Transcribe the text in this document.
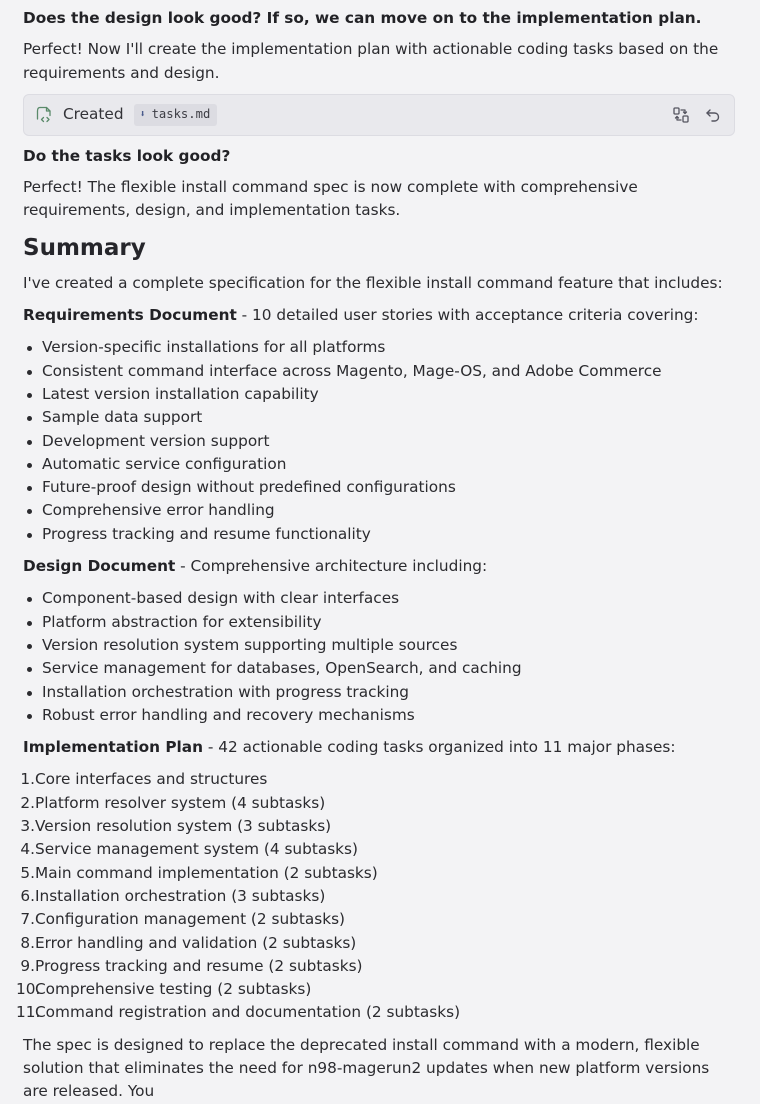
Does the design look good? If so, we can move on to the implementation plan.

Perfect! Now I'll create the implementation plan with actionable coding tasks based on the requirements and design.

Created ⬇ tasks.md

Do the tasks look good?

Perfect! The flexible install command spec is now complete with comprehensive requirements, design, and implementation tasks.

Summary

I've created a complete specification for the flexible install command feature that includes:

Requirements Document - 10 detailed user stories with acceptance criteria covering:

Version-specific installations for all platforms
Consistent command interface across Magento, Mage-OS, and Adobe Commerce
Latest version installation capability
Sample data support
Development version support
Automatic service configuration
Future-proof design without predefined configurations
Comprehensive error handling
Progress tracking and resume functionality

Design Document - Comprehensive architecture including:

Component-based design with clear interfaces
Platform abstraction for extensibility
Version resolution system supporting multiple sources
Service management for databases, OpenSearch, and caching
Installation orchestration with progress tracking
Robust error handling and recovery mechanisms

Implementation Plan - 42 actionable coding tasks organized into 11 major phases:

1. Core interfaces and structures
2. Platform resolver system (4 subtasks)
3. Version resolution system (3 subtasks)
4. Service management system (4 subtasks)
5. Main command implementation (2 subtasks)
6. Installation orchestration (3 subtasks)
7. Configuration management (2 subtasks)
8. Error handling and validation (2 subtasks)
9. Progress tracking and resume (2 subtasks)
10.
Comprehensive testing (2 subtasks)
11.
Command registration and documentation (2 subtasks)

The spec is designed to replace the deprecated install command with a modern, flexible solution that eliminates the need for n98-magerun2 updates when new platform versions are released. You
